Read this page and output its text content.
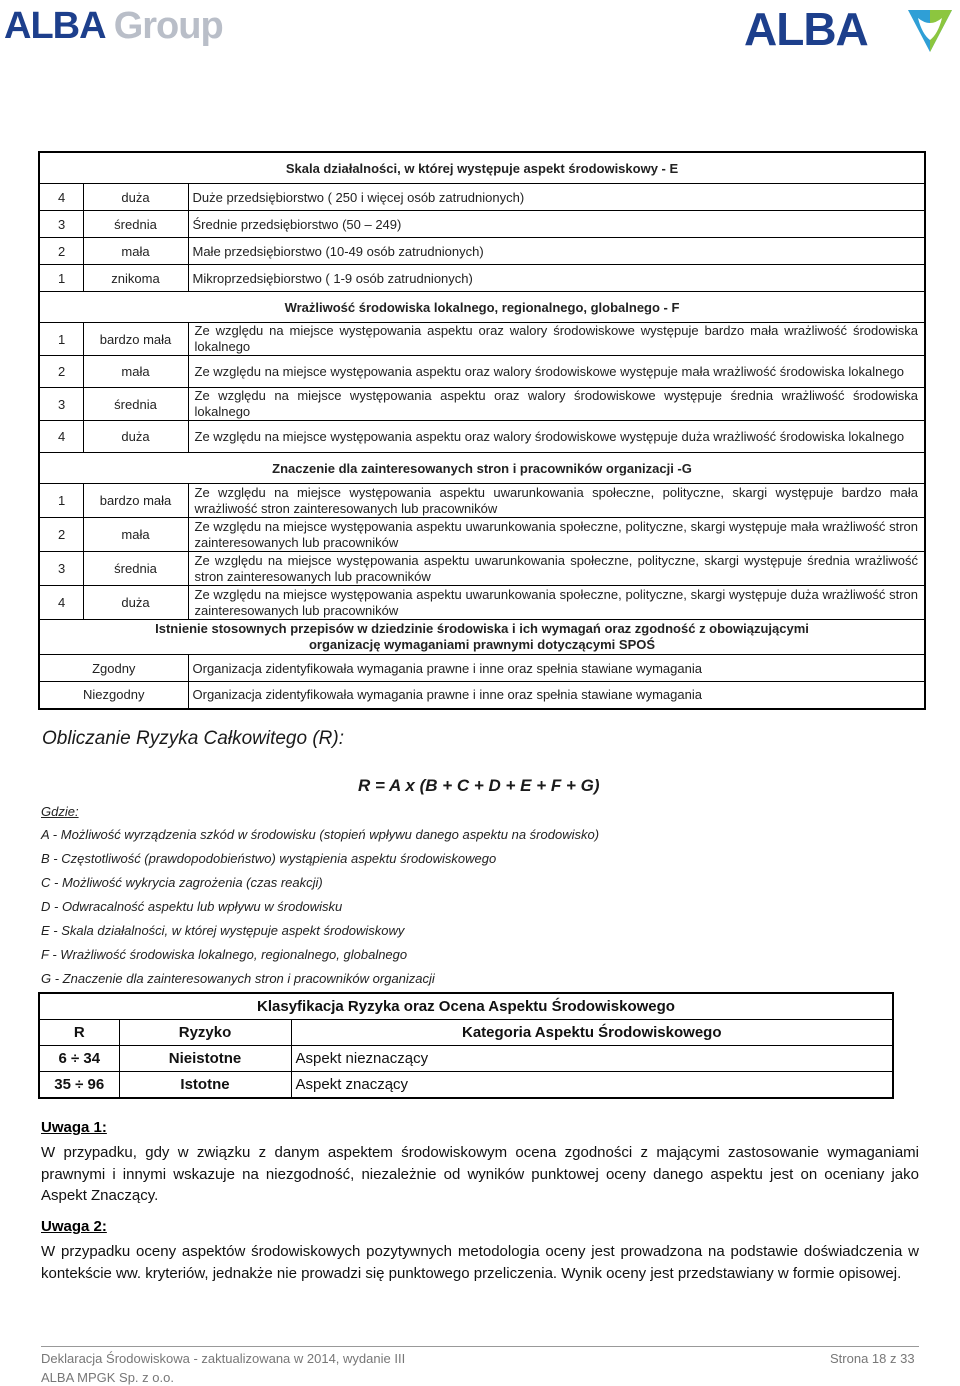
ALBA Group	ALBA
Skala działalności, w której występuje aspekt środowiskowy - E		
4	duża	Duże przedsiębiorstwo ( 250 i więcej osób zatrudnionych)
3	średnia	Średnie przedsiębiorstwo (50 – 249)
2	mała	Małe przedsiębiorstwo (10-49 osób zatrudnionych)
1	znikoma	Mikroprzedsiębiorstwo ( 1-9 osób zatrudnionych)
Wrażliwość środowiska lokalnego, regionalnego, globalnego - F		
1	bardzo mała	Ze względu na miejsce występowania aspektu oraz walory środowiskowe występuje bardzo mała wrażliwość środowiska lokalnego
2	mała	Ze względu na miejsce występowania aspektu oraz walory środowiskowe występuje mała wrażliwość środowiska lokalnego
3	średnia	Ze względu na miejsce występowania aspektu oraz walory środowiskowe występuje średnia wrażliwość środowiska lokalnego
4	duża	Ze względu na miejsce występowania aspektu oraz walory środowiskowe występuje duża wrażliwość środowiska lokalnego
Znaczenie dla zainteresowanych stron i pracowników organizacji -G		
1	bardzo mała	Ze względu na miejsce występowania aspektu uwarunkowania społeczne, polityczne, skargi występuje bardzo mała wrażliwość stron zainteresowanych lub pracowników
2	mała	Ze względu na miejsce występowania aspektu uwarunkowania społeczne, polityczne, skargi występuje mała wrażliwość stron zainteresowanych lub pracowników
3	średnia	Ze względu na miejsce występowania aspektu uwarunkowania społeczne, polityczne, skargi występuje średnia wrażliwość stron zainteresowanych lub pracowników
4	duża	Ze względu na miejsce występowania aspektu uwarunkowania społeczne, polityczne, skargi występuje duża wrażliwość stron zainteresowanych lub pracowników
Istnienie stosownych przepisów w dziedzinie środowiska i ich wymagań oraz zgodność z obowiązującymi organizację wymaganiami prawnymi dotyczącymi SPOŚ		
Zgodny		Organizacja zidentyfikowała wymagania prawne i inne oraz spełnia stawiane wymagania
Niezgodny		Organizacja zidentyfikowała wymagania prawne i inne oraz spełnia stawiane wymagania
Obliczanie Ryzyka Całkowitego (R):
R = A x (B + C + D + E + F + G)
Gdzie:
A - Możliwość wyrządzenia szkód w środowisku (stopień wpływu danego aspektu na środowisko)
B - Częstotliwość (prawdopodobieństwo) wystąpienia aspektu środowiskowego
C - Możliwość wykrycia zagrożenia (czas reakcji)
D - Odwracalność aspektu lub wpływu w środowisku
E - Skala działalności, w której występuje aspekt środowiskowy
F - Wrażliwość środowiska lokalnego, regionalnego, globalnego
G - Znaczenie dla zainteresowanych stron i pracowników organizacji
Klasyfikacja Ryzyka oraz Ocena Aspektu Środowiskowego		
R	Ryzyko	Kategoria Aspektu Środowiskowego
6 ÷ 34	Nieistotne	Aspekt nieznaczący
35 ÷ 96	Istotne	Aspekt znaczący
Uwaga 1:
W przypadku, gdy w związku z danym aspektem środowiskowym ocena zgodności z mającymi zastosowanie wymaganiami prawnymi i innymi wskazuje na niezgodność, niezależnie od wyników punktowej oceny danego aspektu jest on oceniany jako Aspekt Znaczący.
Uwaga 2:
W przypadku oceny aspektów środowiskowych pozytywnych metodologia oceny jest prowadzona na podstawie doświadczenia w kontekście ww. kryteriów, jednakże nie prowadzi się punktowego przeliczenia. Wynik oceny jest przedstawiany w formie opisowej.
Deklaracja Środowiskowa - zaktualizowana w 2014, wydanie III	Strona 18 z 33
ALBA MPGK Sp. z o.o.
